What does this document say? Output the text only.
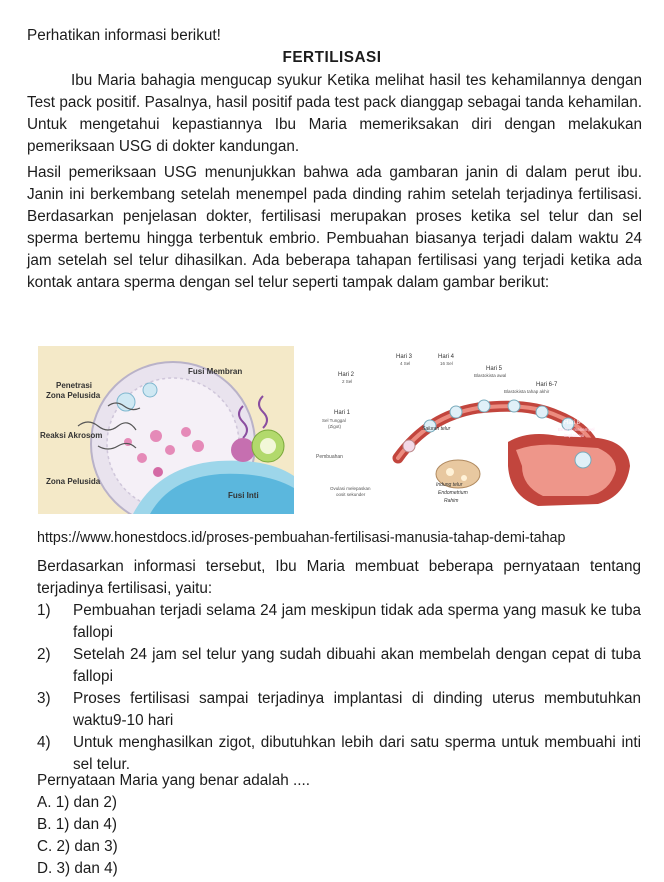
Perhatikan informasi berikut!
FERTILISASI
Ibu Maria bahagia mengucap syukur Ketika melihat hasil tes kehamilannya dengan Test pack positif. Pasalnya, hasil positif pada test pack dianggap sebagai tanda kehamilan. Untuk mengetahui kepastiannya Ibu Maria memeriksakan diri dengan melakukan pemeriksaan USG di dokter kandungan.
Hasil pemeriksaan USG menunjukkan bahwa ada gambaran janin di dalam perut ibu. Janin ini berkembang setelah menempel pada dinding rahim setelah terjadinya fertilisasi. Berdasarkan penjelasan dokter, fertilisasi merupakan proses ketika sel telur dan sel sperma bertemu hingga terbentuk embrio. Pembuahan biasanya terjadi dalam waktu 24 jam setelah sel telur dihasilkan. Ada beberapa tahapan fertilisasi yang terjadi ketika ada kontak antara sperma dengan sel telur seperti tampak dalam gambar berikut:
Fusi Membran
Penetrasi
Zona Pelusida
Reaksi Akrosom
Zona Pelusida
Fusi Inti
Hari 1
Sel Tunggal
(Zigot)
Hari 2
2 Sel
Hari 3
4 Sel
Hari 4
16 Sel
Hari 5
Blastokista awal
Hari 6-7
Blastokista tahap akhir
Hari 8-9
Embrio menempel
implantasi
Saluran telur
Pembuahan
Ovulasi melepaskan
oosit sekunder
Indung telur
Endometrium
Rahim
https://www.honestdocs.id/proses-pembuahan-fertilisasi-manusia-tahap-demi-tahap
Berdasarkan informasi tersebut, Ibu Maria membuat beberapa pernyataan tentang terjadinya fertilisasi, yaitu:
1) Pembuahan terjadi selama 24 jam meskipun tidak ada sperma yang masuk ke tuba fallopi
2) Setelah 24 jam sel telur yang sudah dibuahi akan membelah dengan cepat di tuba fallopi
3) Proses fertilisasi sampai terjadinya implantasi di dinding uterus membutuhkan waktu9-10 hari
4) Untuk menghasilkan zigot, dibutuhkan lebih dari satu sperma untuk membuahi inti sel telur.
Pernyataan Maria yang benar adalah ....
A. 1) dan 2)
B. 1) dan 4)
C. 2) dan 3)
D. 3) dan 4)
